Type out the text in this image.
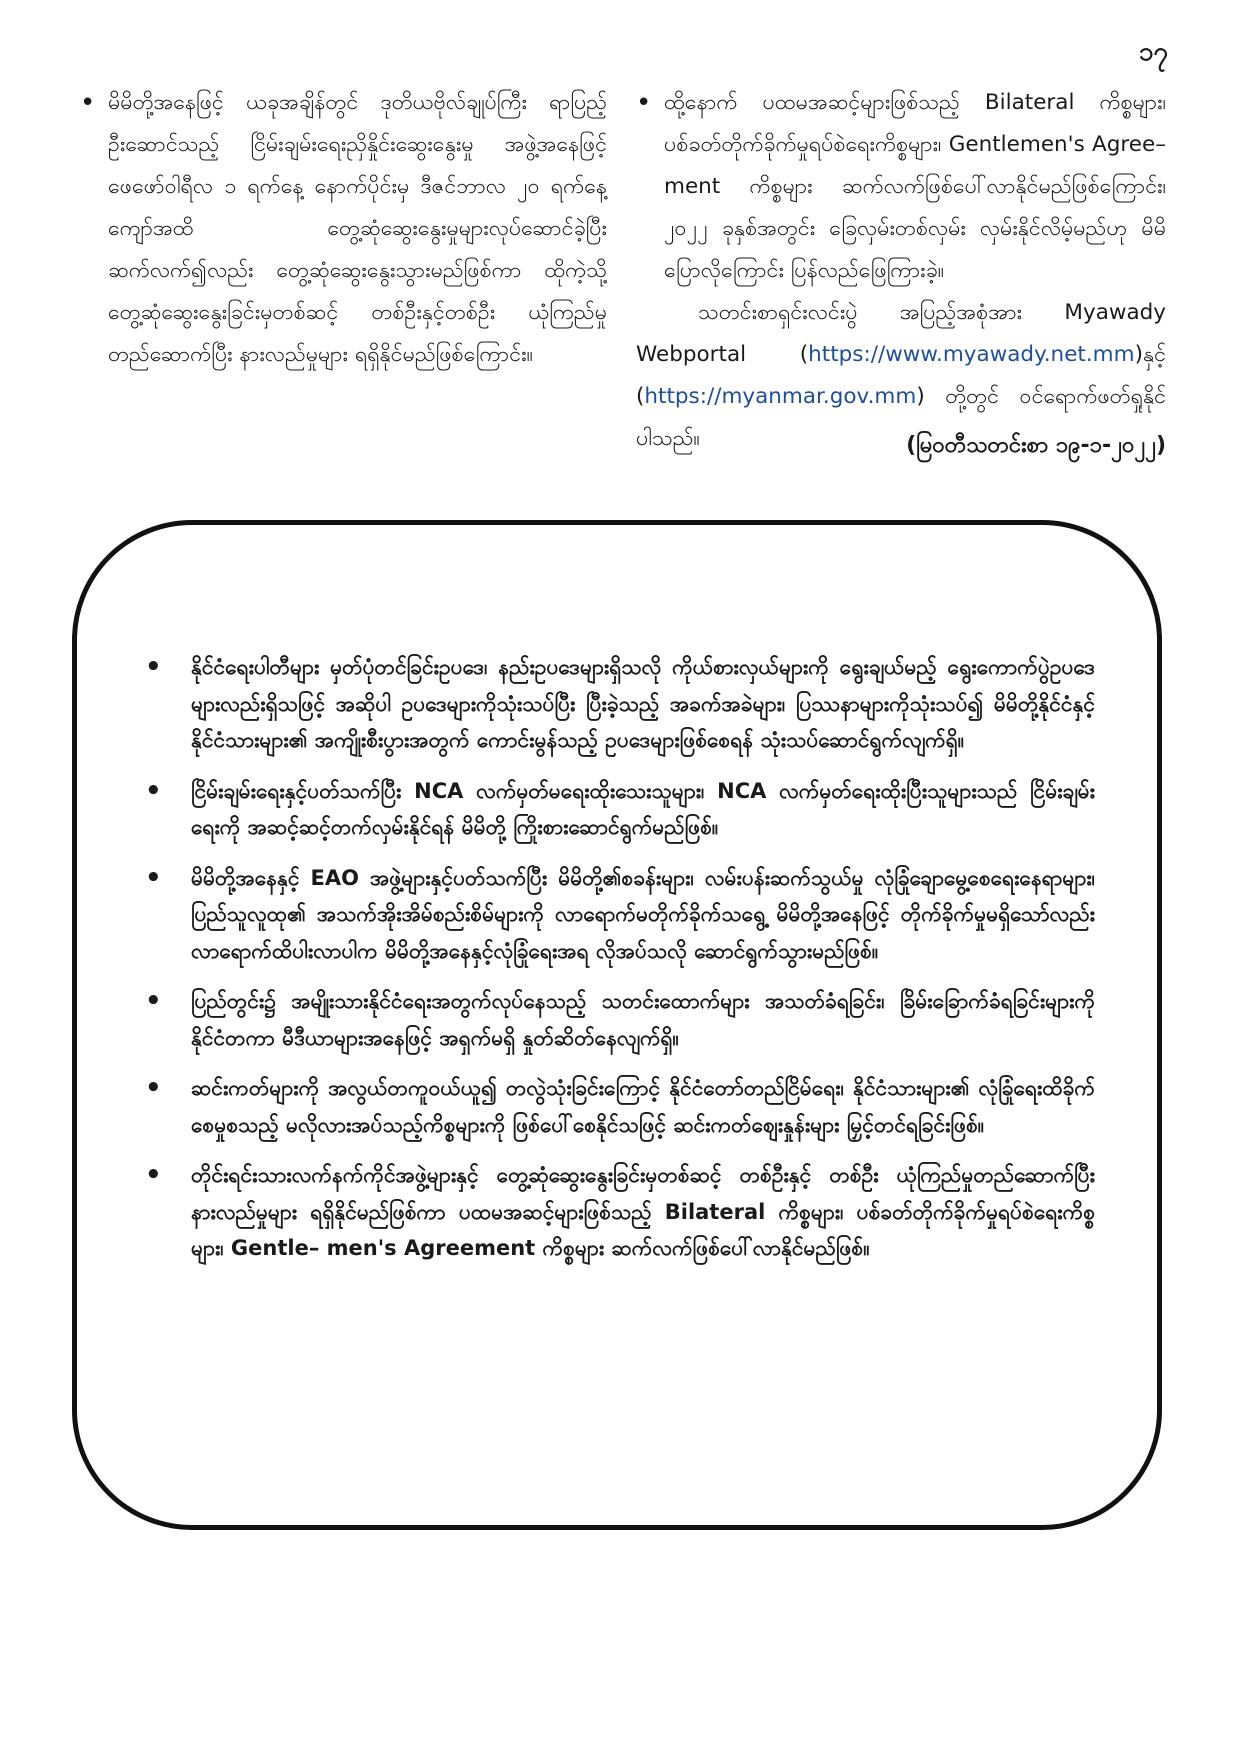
၁၇
• မိမိတို့အနေဖြင့် ယခုအချိန်တွင် ဒုတိယဗိုလ်ချုပ်ကြီး ရာပြည့် ဦးဆောင်သည့် ငြိမ်းချမ်းရေးညှိနှိုင်းဆွေးနွေးမှု အဖွဲ့အနေဖြင့် ဖေဖော်ဝါရီလ ၁ ရက်နေ့ နောက်ပိုင်းမှ ဒီဇင်ဘာလ ၂၀ ရက်နေ့ကျော်အထိ တွေ့ဆုံဆွေးနွေးမှုများလုပ်ဆောင်ခဲ့ပြီး ဆက်လက်၍လည်း တွေ့ဆုံဆွေးနွေးသွားမည်ဖြစ်ကာ ထိုကဲ့သို့ တွေ့ဆုံဆွေးနွေးခြင်းမှတစ်ဆင့် တစ်ဦးနှင့်တစ်ဦး ယုံကြည်မှုတည်ဆောက်ပြီး နားလည်မှုများ ရရှိနိုင်မည်ဖြစ်ကြောင်း။
• ထို့နောက် ပထမအဆင့်များဖြစ်သည့် Bilateral ကိစ္စများ၊ ပစ်ခတ်တိုက်ခိုက်မှုရပ်စဲရေးကိစ္စများ၊ Gentlemen's Agree–ment ကိစ္စများ ဆက်လက်ဖြစ်ပေါ်လာနိုင်မည်ဖြစ်ကြောင်း၊ ၂၀၂၂ ခုနှစ်အတွင်း ခြေလှမ်းတစ်လှမ်း လှမ်းနိုင်လိမ့်မည်ဟု မိမိပြောလိုကြောင်း ပြန်လည်ဖြေကြားခဲ့။

သတင်းစာရှင်းလင်းပွဲ အပြည့်အစုံအား Myawady Webportal (https://www.myawady.net.mm)နှင့် (https://myanmar.gov.mm) တို့တွင် ဝင်ရောက်ဖတ်ရှုနိုင်ပါသည်။	(မြဝတီသတင်းစာ ၁၉-၁-၂၀၂၂)
• နိုင်ငံရေးပါတီများ မှတ်ပုံတင်ခြင်းဥပဒေ၊ နည်းဥပဒေများရှိသလို ကိုယ်စားလှယ်များကို ရွေးချယ်မည့် ရွေးကောက်ပွဲဥပဒေများလည်းရှိသဖြင့် အဆိုပါ ဥပဒေများကိုသုံးသပ်ပြီး ပြီးခဲ့သည့် အခက်အခဲများ၊ ပြဿနာများကိုသုံးသပ်၍ မိမိတို့နိုင်ငံနှင့် နိုင်ငံသားများ၏ အကျိုးစီးပွားအတွက် ကောင်းမွန်သည့် ဥပဒေများဖြစ်စေရန် သုံးသပ်ဆောင်ရွက်လျက်ရှိ။
• ငြိမ်းချမ်းရေးနှင့်ပတ်သက်ပြီး NCA လက်မှတ်မရေးထိုးသေးသူများ၊ NCA လက်မှတ်ရေးထိုးပြီးသူများသည် ငြိမ်းချမ်းရေးကို အဆင့်ဆင့်တက်လှမ်းနိုင်ရန် မိမိတို့ ကြိုးစားဆောင်ရွက်မည်ဖြစ်။
• မိမိတို့အနေနှင့် EAO အဖွဲ့များနှင့်ပတ်သက်ပြီး မိမိတို့၏စခန်းများ၊ လမ်းပန်းဆက်သွယ်မှု လုံခြုံချောမွေ့စေရေးနေရာများ၊ ပြည်သူလူထု၏ အသက်အိုးအိမ်စည်းစိမ်များကို လာရောက်မတိုက်ခိုက်သရွေ့ မိမိတို့အနေဖြင့် တိုက်ခိုက်မှုမရှိသော်လည်း လာရောက်ထိပါးလာပါက မိမိတို့အနေနှင့်လုံခြုံရေးအရ လိုအပ်သလို ဆောင်ရွက်သွားမည်ဖြစ်။
• ပြည်တွင်း၌ အမျိုးသားနိုင်ငံရေးအတွက်လုပ်နေသည့် သတင်းထောက်များ အသတ်ခံရခြင်း၊ ခြိမ်းခြောက်ခံရခြင်းများကို နိုင်ငံတကာ မီဒီယာများအနေဖြင့် အရှက်မရှိ နှုတ်ဆိတ်နေလျက်ရှိ။
• ဆင်းကတ်များကို အလွယ်တကူဝယ်ယူ၍ တလွဲသုံးခြင်းကြောင့် နိုင်ငံတော်တည်ငြိမ်ရေး၊ နိုင်ငံသားများ၏ လုံခြုံရေးထိခိုက်စေမှုစသည့် မလိုလားအပ်သည့်ကိစ္စများကို ဖြစ်ပေါ်စေနိုင်သဖြင့် ဆင်းကတ်ဈေးနှုန်းများ မြှင့်တင်ရခြင်းဖြစ်။
• တိုင်းရင်းသားလက်နက်ကိုင်အဖွဲ့များနှင့် တွေ့ဆုံဆွေးနွေးခြင်းမှတစ်ဆင့် တစ်ဦးနှင့် တစ်ဦး ယုံကြည်မှုတည်ဆောက်ပြီး နားလည်မှုများ ရရှိနိုင်မည်ဖြစ်ကာ ပထမအဆင့်များဖြစ်သည့် Bilateral ကိစ္စများ၊ ပစ်ခတ်တိုက်ခိုက်မှုရပ်စဲရေးကိစ္စများ၊ Gentle– men's Agreement ကိစ္စများ ဆက်လက်ဖြစ်ပေါ်လာနိုင်မည်ဖြစ်။
